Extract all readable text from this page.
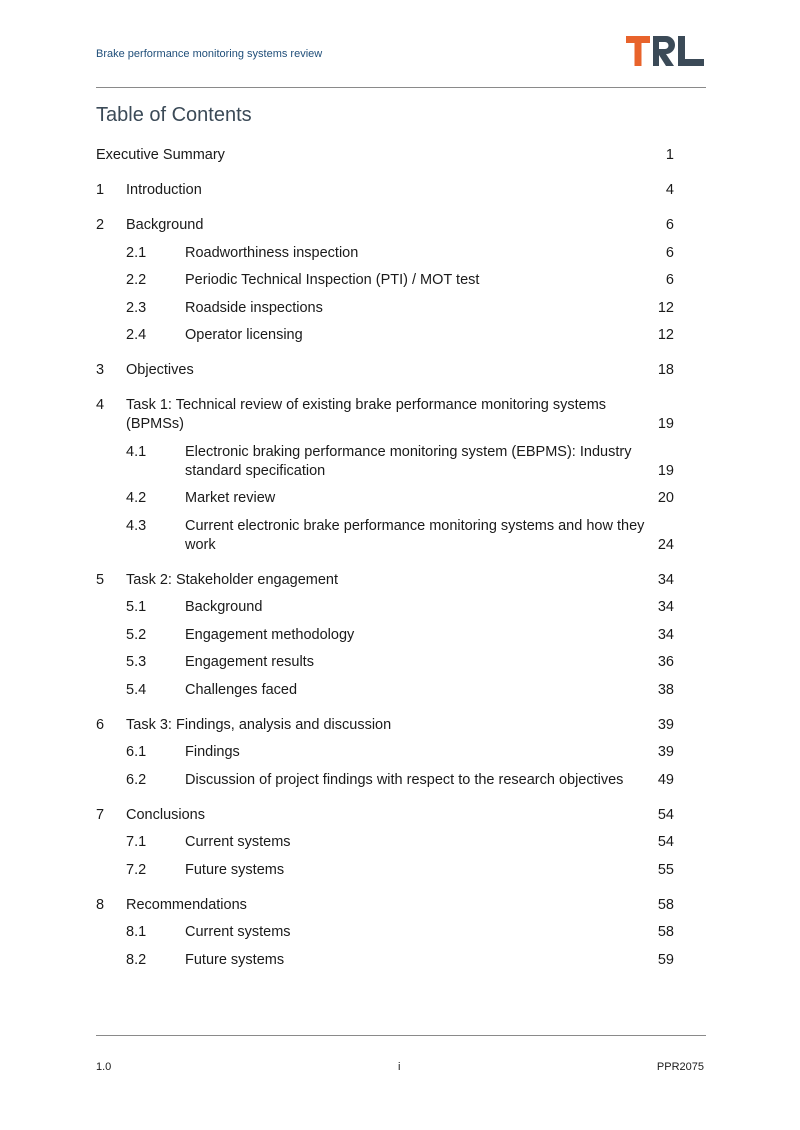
Brake performance monitoring systems review
Table of Contents
Executive Summary	1
1 Introduction	4
2 Background	6
2.1	Roadworthiness inspection	6
2.2	Periodic Technical Inspection (PTI) / MOT test	6
2.3	Roadside inspections	12
2.4	Operator licensing	12
3 Objectives	18
4 Task 1: Technical review of existing brake performance monitoring systems (BPMSs)	19
4.1	Electronic braking performance monitoring system (EBPMS): Industry standard specification	19
4.2	Market review	20
4.3	Current electronic brake performance monitoring systems and how they work	24
5 Task 2: Stakeholder engagement	34
5.1	Background	34
5.2	Engagement methodology	34
5.3	Engagement results	36
5.4	Challenges faced	38
6 Task 3: Findings, analysis and discussion	39
6.1	Findings	39
6.2	Discussion of project findings with respect to the research objectives	49
7 Conclusions	54
7.1	Current systems	54
7.2	Future systems	55
8 Recommendations	58
8.1	Current systems	58
8.2	Future systems	59
1.0	i	PPR2075
